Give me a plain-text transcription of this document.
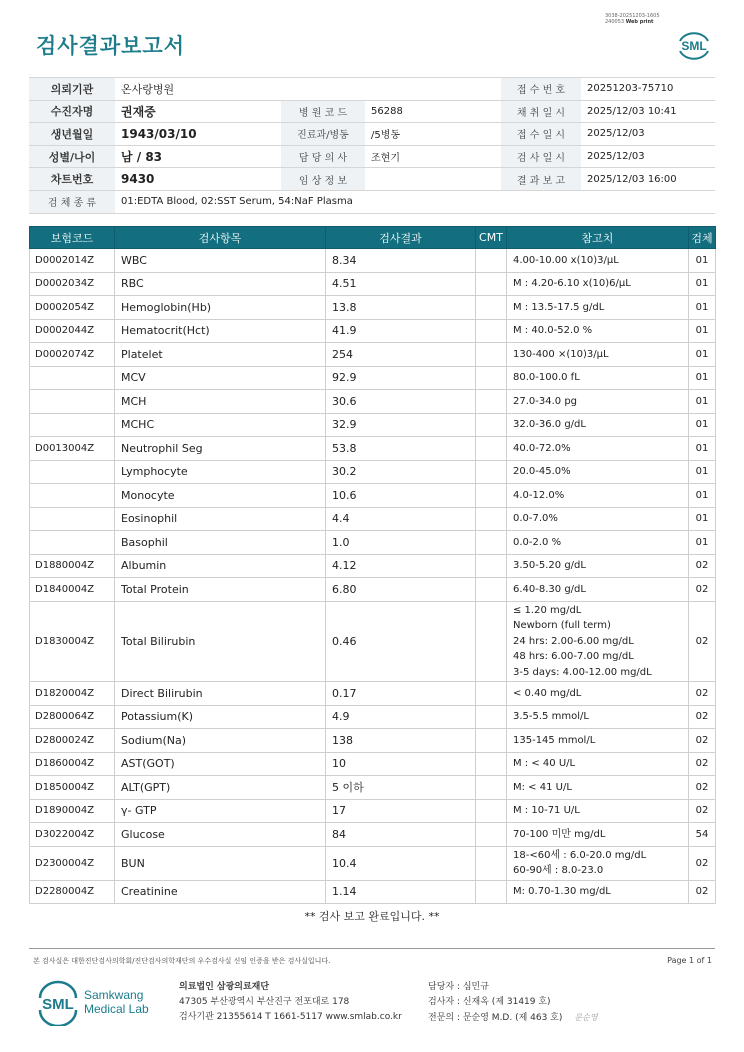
검사결과보고서
3038-20251203-1605
240053 Web print
SML
의뢰기관	온사랑병원			접 수 번 호	20251203-75710
수진자명	권재중	병 원 코 드	56288	채 취 일 시	2025/12/03 10:41
생년월일	1943/03/10	진료과/병동	/5병동	접 수 일 시	2025/12/03
성별/나이	남 / 83	담 당 의 사	조현기	검 사 일 시	2025/12/03
차트번호	9430	임 상 정 보		결 과 보 고	2025/12/03 16:00
검 체 종 류	01:EDTA Blood, 02:SST Serum, 54:NaF Plasma				
보험코드	검사항목	검사결과	CMT	참고치	검체
D0002014Z	WBC	8.34		4.00-10.00 x(10)3/μL	01
D0002034Z	RBC	4.51		M : 4.20-6.10 x(10)6/μL	01
D0002054Z	Hemoglobin(Hb)	13.8		M : 13.5-17.5 g/dL	01
D0002044Z	Hematocrit(Hct)	41.9		M : 40.0-52.0 %	01
D0002074Z	Platelet	254		130-400 ×(10)3/μL	01
	MCV	92.9		80.0-100.0 fL	01
	MCH	30.6		27.0-34.0 pg	01
	MCHC	32.9		32.0-36.0 g/dL	01
D0013004Z	Neutrophil Seg	53.8		40.0-72.0%	01
	Lymphocyte	30.2		20.0-45.0%	01
	Monocyte	10.6		4.0-12.0%	01
	Eosinophil	4.4		0.0-7.0%	01
	Basophil	1.0		0.0-2.0 %	01
D1880004Z	Albumin	4.12		3.50-5.20 g/dL	02
D1840004Z	Total Protein	6.80		6.40-8.30 g/dL	02
D1830004Z	Total Bilirubin	0.46		≤ 1.20 mg/dL
Newborn (full term)
24 hrs: 2.00-6.00 mg/dL
48 hrs: 6.00-7.00 mg/dL
3-5 days: 4.00-12.00 mg/dL	02
D1820004Z	Direct Bilirubin	0.17		< 0.40 mg/dL	02
D2800064Z	Potassium(K)	4.9		3.5-5.5 mmol/L	02
D2800024Z	Sodium(Na)	138		135-145 mmol/L	02
D1860004Z	AST(GOT)	10		M : < 40 U/L	02
D1850004Z	ALT(GPT)	5 이하		M: < 41 U/L	02
D1890004Z	γ- GTP	17		M : 10-71 U/L	02
D3022004Z	Glucose	84		70-100 미만 mg/dL	54
D2300004Z	BUN	10.4		18-<60세 : 6.0-20.0 mg/dL
60-90세 : 8.0-23.0	02
D2280004Z	Creatinine	1.14		M: 0.70-1.30 mg/dL	02
** 검사 보고 완료입니다. **
본 검사실은 대한진단검사의학회/진단검사의학재단의 우수검사실 신임 인증을 받은 검사실입니다.	Page 1 of 1
SML
Samkwang
Medical Lab
의료법인 삼광의료재단
47305 부산광역시 부산진구 전포대로 178
검사기관 21355614 T 1661-5117 www.smlab.co.kr
담당자 : 심민규
검사자 : 신재옥 (제 31419 호)
전문의 : 문순영 M.D. (제 463 호) 문순영
